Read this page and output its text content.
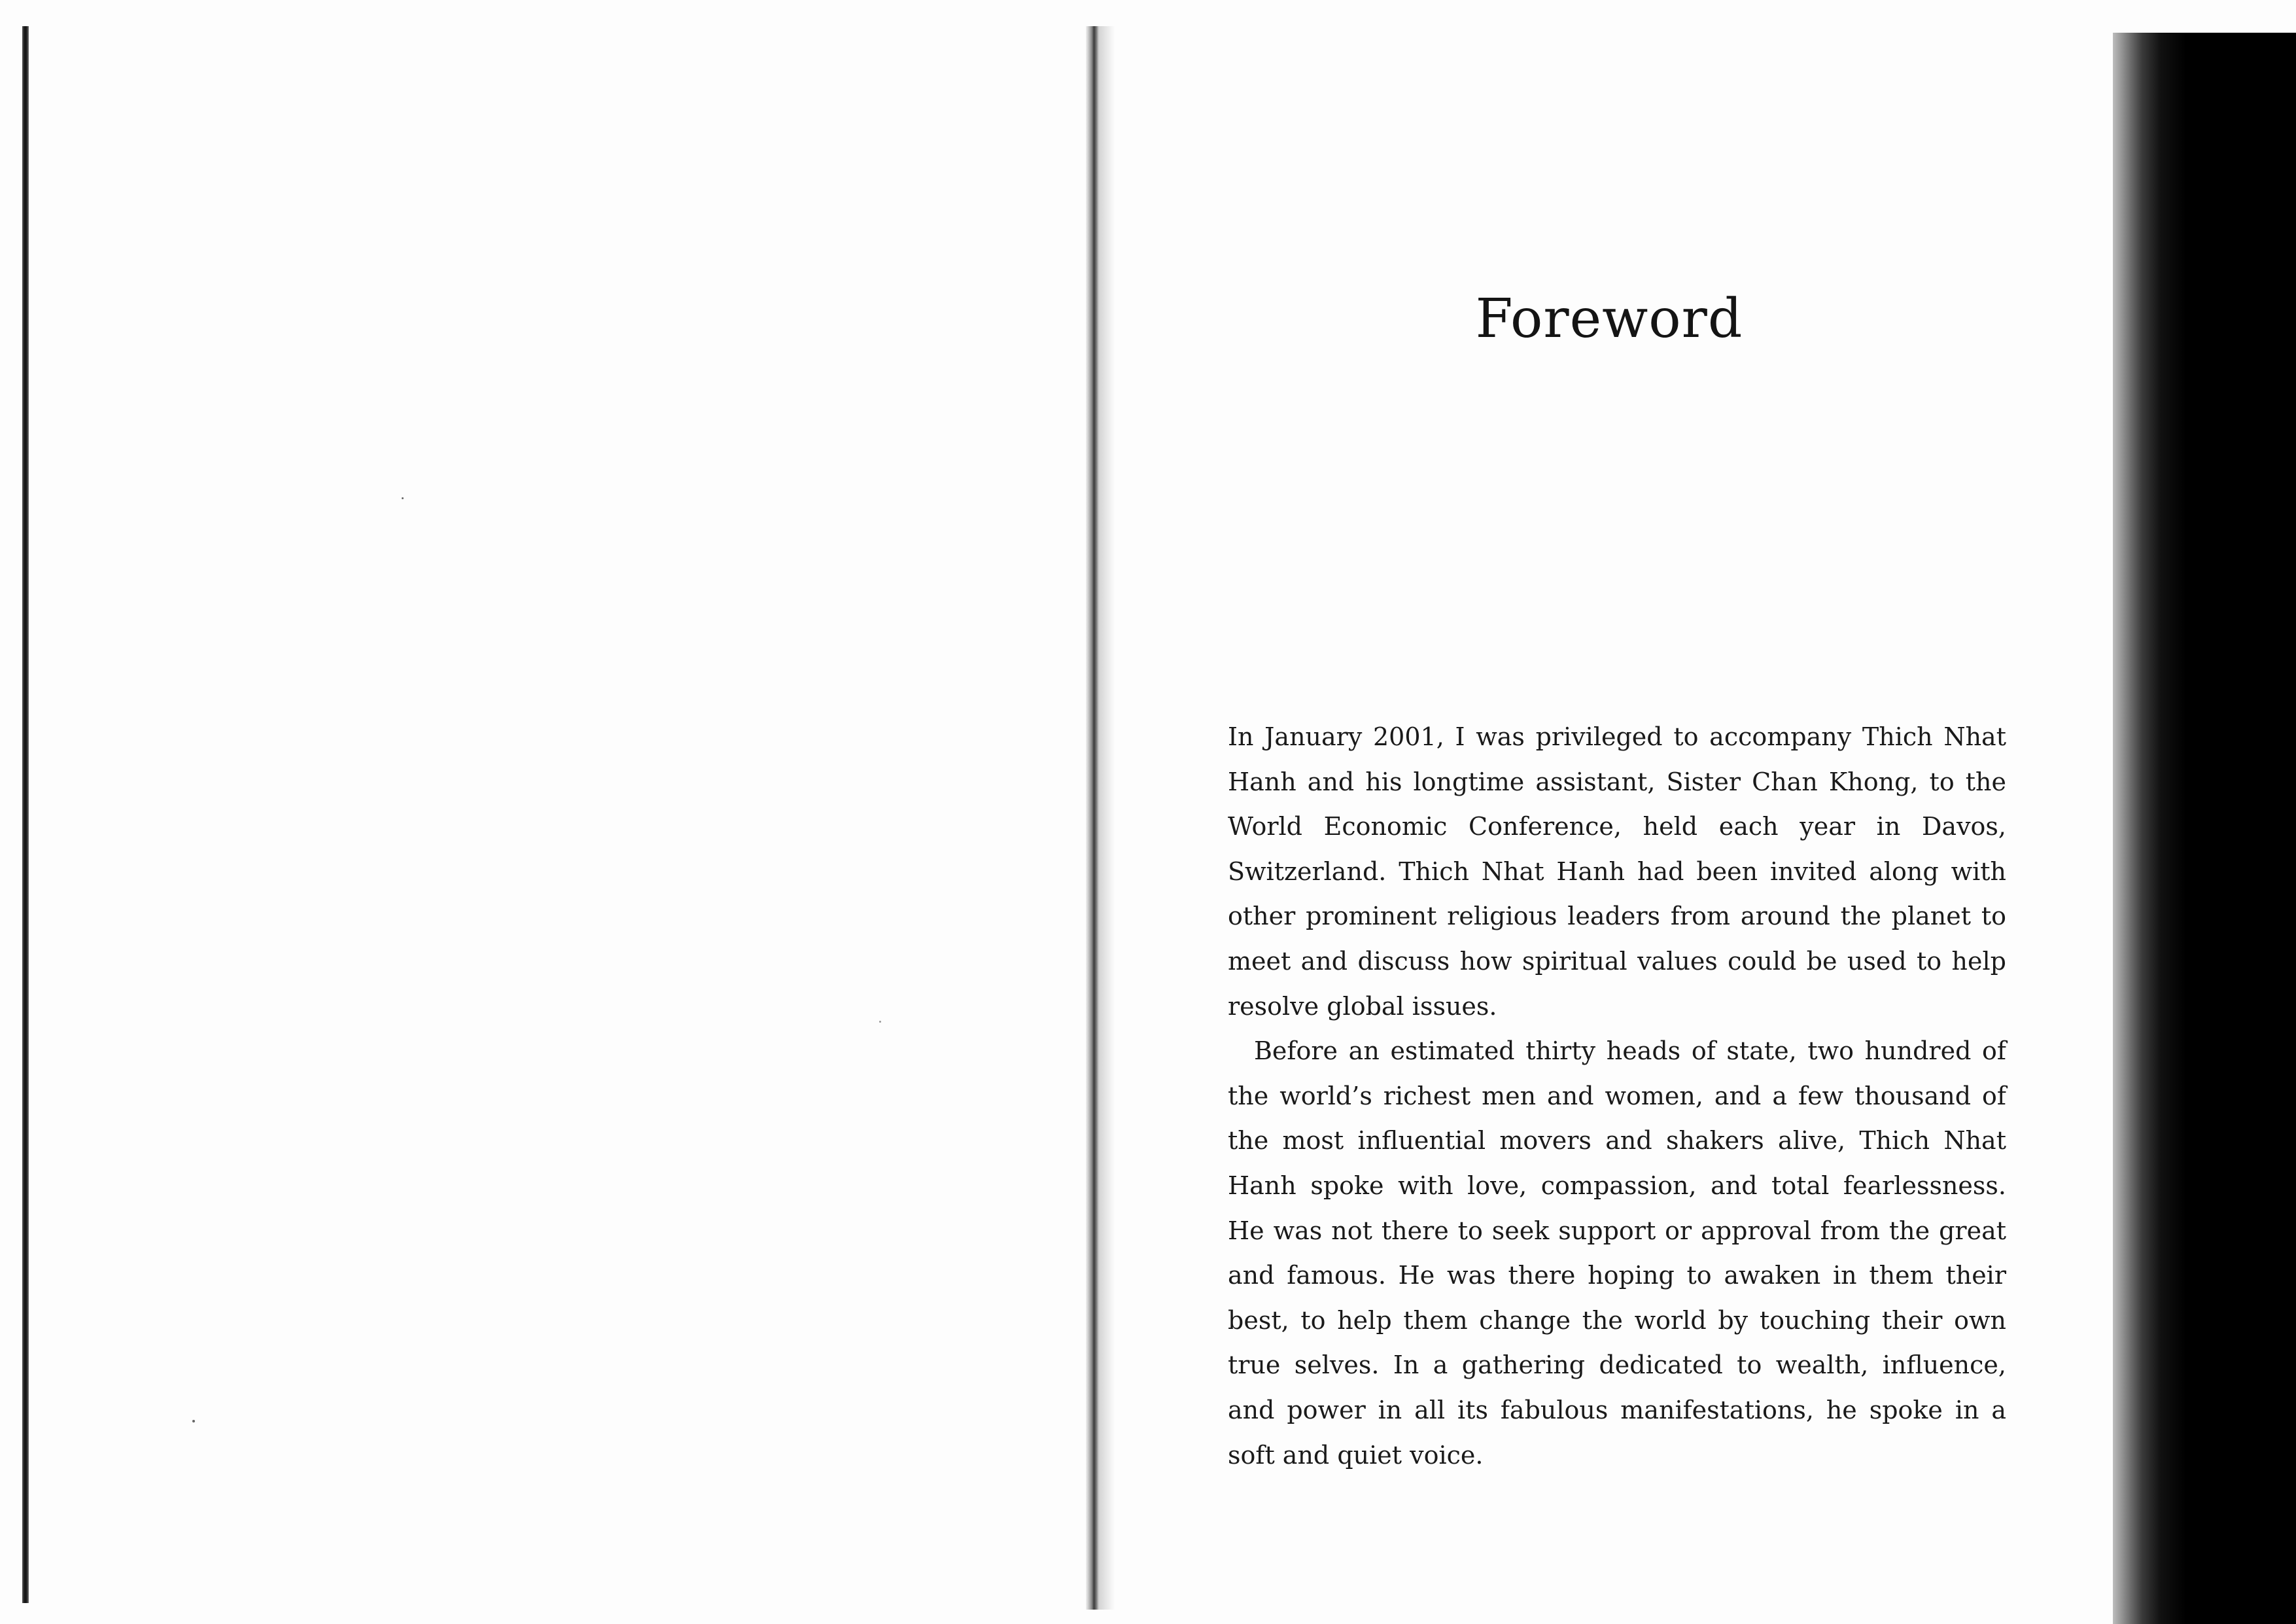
Foreword

In January 2001, I was privileged to accompany Thich Nhat Hanh and his longtime assistant, Sister Chan Khong, to the World Economic Conference, held each year in Davos, Switzerland. Thich Nhat Hanh had been invited along with other prominent religious leaders from around the planet to meet and discuss how spiritual values could be used to help resolve global issues.

Before an estimated thirty heads of state, two hundred of the world’s richest men and women, and a few thousand of the most influential movers and shakers alive, Thich Nhat Hanh spoke with love, compassion, and total fearlessness. He was not there to seek support or approval from the great and famous. He was there hoping to awaken in them their best, to help them change the world by touching their own true selves. In a gathering dedicated to wealth, influence, and power in all its fabulous manifestations, he spoke in a soft and quiet voice.
